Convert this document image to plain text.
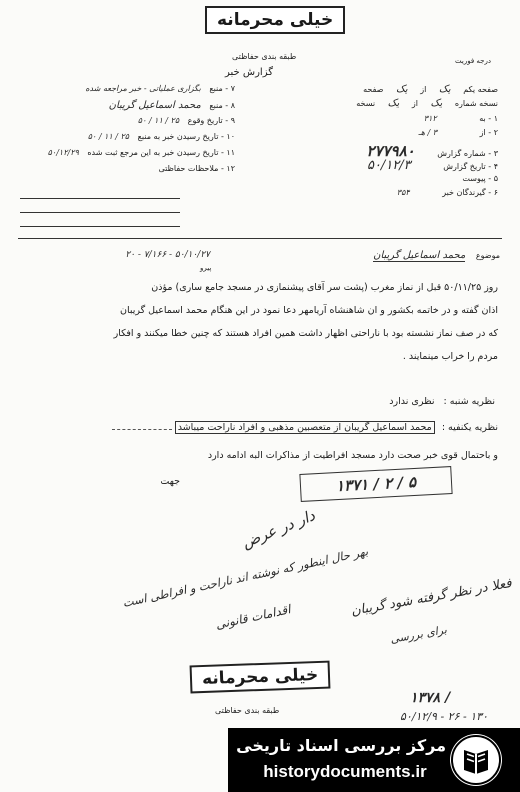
خیلی محرمانه
طبقه بندی حفاظتی
گزارش خبر
درجه فوریت
۷ - منبع بگزاری عملیاتی - خبر مراجعه شده
۸ - منبع محمد اسماعیل گریبان
۹ - تاریخ وقوع ۲۵ / ۱۱ / ۵۰
۱۰ - تاریخ رسیدن خبر به منبع ۲۵ / ۱۱ / ۵۰
۱۱ - تاریخ رسیدن خبر به این مرجع ثبت شده ۵۰/۱۲/۲۹
۱۲ - ملاحظات حفاظتی
صفحه یکم یک از یک صفحه
نسخه شماره یک از یک نسخه
۱ - به ۳۱۲
۲ - از ۳ / هـ
۳ - شماره گزارش ۲۷۷۹۸۰
۴ - تاریخ گزارش ۵۰/۱۲/۳
۵ - پیوست
۶ - گیرندگان خبر ۳۵۴
موضوع محمد اسماعیل گریبان
۵۰/۱۰/۲۷ - ۷/۱۶۶ - ۲۰
پیرو
روز ۵۰/۱۱/۲۵ قبل از نماز مغرب (پشت سر آقای پیشنمازی در مسجد جامع ساری) مؤذن
اذان گفته و در خاتمه بکشور و ان شاهنشاه آریامهر دعا نمود در این هنگام محمد اسماعیل گریبان
که در صف نماز نشسته بود با ناراحتی اظهار داشت همین افراد هستند که چنین خطا میکنند و افکار
مردم را خراب مینمایند .
نظریه شنبه : نظری ندارد
نظریه یکنفیه : محمد اسماعیل گریبان از متعصبین مذهبی و افراد ناراحت میباشد
و باحتمال قوی خبر صحت دارد مسجد افراطیت از مذاکرات البه ادامه دارد
جهت	۱۳۷۱ / ۲ / ۵
دار در عرض
بهر حال اینطور که نوشته اند ناراحت و افراطی است
اقدامات قانونی	فعلا در نظر گرفته شود گریبان
برای بررسی
۱۳۷۸ /
۵۰/۱۲/۹ - ۲۶ - ۱۳۰
خیلی محرمانه
طبقه بندی حفاظتی
مرکز بررسی اسناد تاریخی
historydocuments.ir
